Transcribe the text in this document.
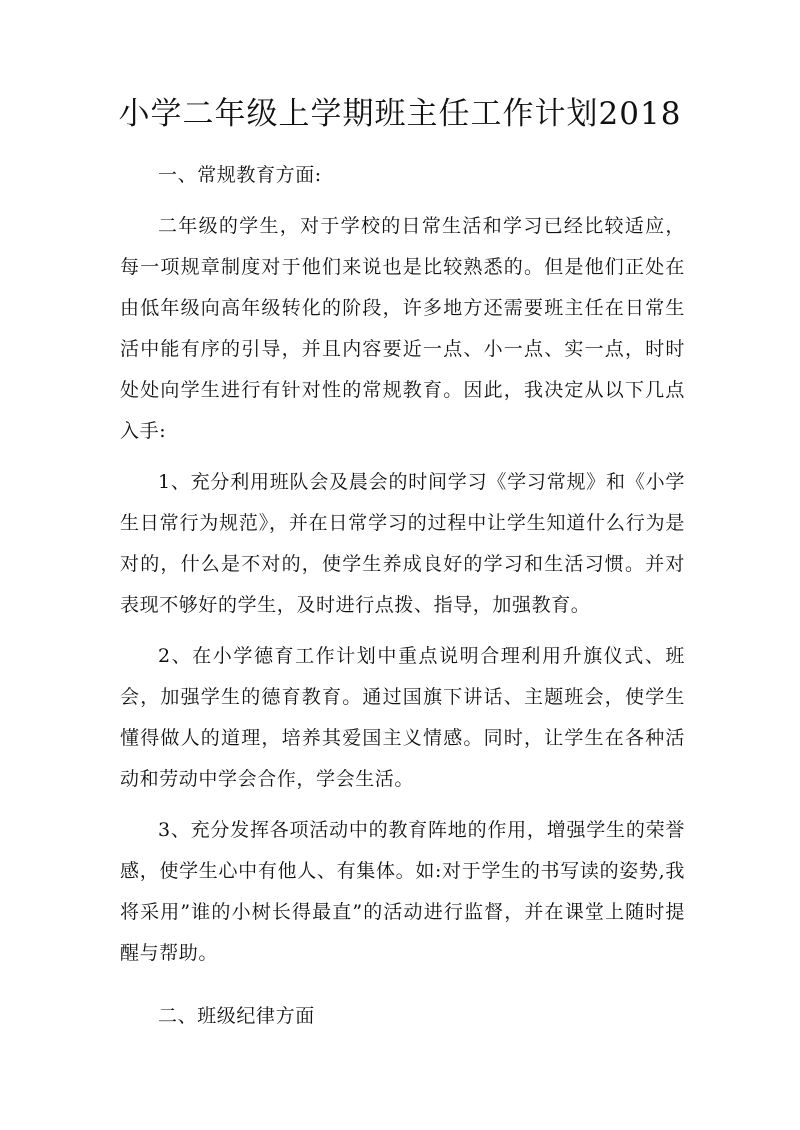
小学二年级上学期班主任工作计划2018

一、常规教育方面:

二年级的学生，对于学校的日常生活和学习已经比较适应，每一项规章制度对于他们来说也是比较熟悉的。但是他们正处在由低年级向高年级转化的阶段，许多地方还需要班主任在日常生活中能有序的引导，并且内容要近一点、小一点、实一点，时时处处向学生进行有针对性的常规教育。因此，我决定从以下几点入手:

1、充分利用班队会及晨会的时间学习《学习常规》和《小学生日常行为规范》，并在日常学习的过程中让学生知道什么行为是对的，什么是不对的，使学生养成良好的学习和生活习惯。并对表现不够好的学生，及时进行点拨、指导，加强教育。

2、在小学德育工作计划中重点说明合理利用升旗仪式、班会，加强学生的德育教育。通过国旗下讲话、主题班会，使学生懂得做人的道理，培养其爱国主义情感。同时，让学生在各种活动和劳动中学会合作，学会生活。

3、充分发挥各项活动中的教育阵地的作用，增强学生的荣誉感，使学生心中有他人、有集体。如:对于学生的书写读的姿势,我将采用”谁的小树长得最直”的活动进行监督，并在课堂上随时提醒与帮助。

二、班级纪律方面
